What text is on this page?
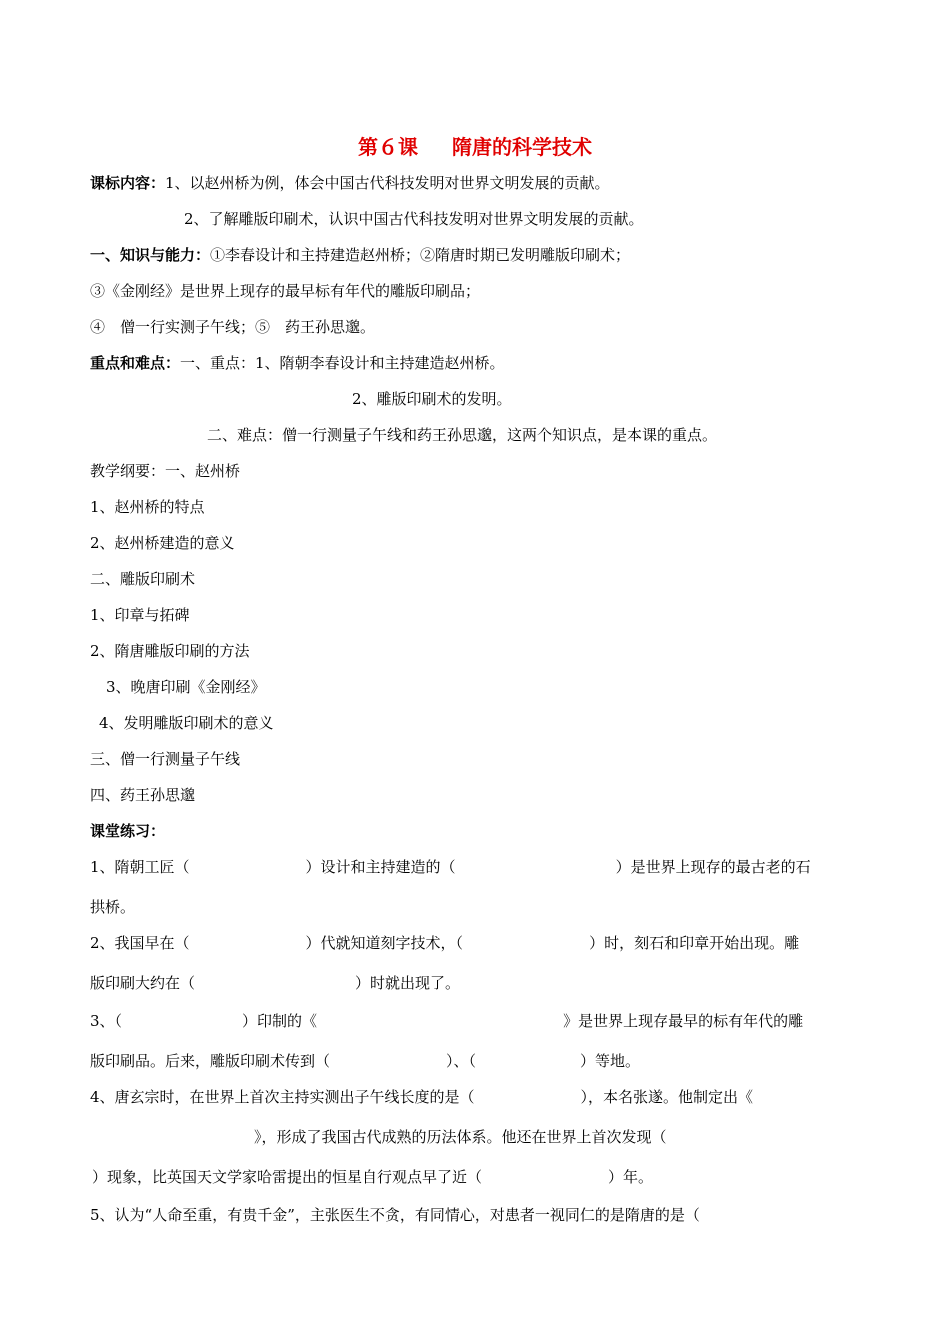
第６课 隋唐的科学技术
课标内容：1、以赵州桥为例，体会中国古代科技发明对世界文明发展的贡献。
2、了解雕版印刷术，认识中国古代科技发明对世界文明发展的贡献。
一、知识与能力：①李春设计和主持建造赵州桥；②隋唐时期已发明雕版印刷术；
③《金刚经》是世界上现存的最早标有年代的雕版印刷品；
④　僧一行实测子午线；⑤　药王孙思邈。
重点和难点：一、重点：1、隋朝李春设计和主持建造赵州桥。
2、雕版印刷术的发明。
二、难点：僧一行测量子午线和药王孙思邈，这两个知识点，是本课的重点。
教学纲要：一、赵州桥
1、赵州桥的特点
2、赵州桥建造的意义
二、雕版印刷术
1、印章与拓碑
2、隋唐雕版印刷的方法
3、晚唐印刷《金刚经》
4、发明雕版印刷术的意义
三、僧一行测量子午线
四、药王孙思邈
课堂练习：
1、隋朝工匠（	）设计和主持建造的（	）是世界上现存的最古老的石
拱桥。
2、我国早在（	）代就知道刻字技术，（	）时，刻石和印章开始出现。雕
版印刷大约在（	）时就出现了。
3、（	）印制的《	》是世界上现存最早的标有年代的雕
版印刷品。后来，雕版印刷术传到（	）、（	）等地。
4、唐玄宗时，在世界上首次主持实测出子午线长度的是（	），本名张遂。他制定出《
》，形成了我国古代成熟的历法体系。他还在世界上首次发现（
）现象，比英国天文学家哈雷提出的恒星自行观点早了近（	）年。
5、认为“人命至重，有贵千金”，主张医生不贪，有同情心，对患者一视同仁的是隋唐的是（
